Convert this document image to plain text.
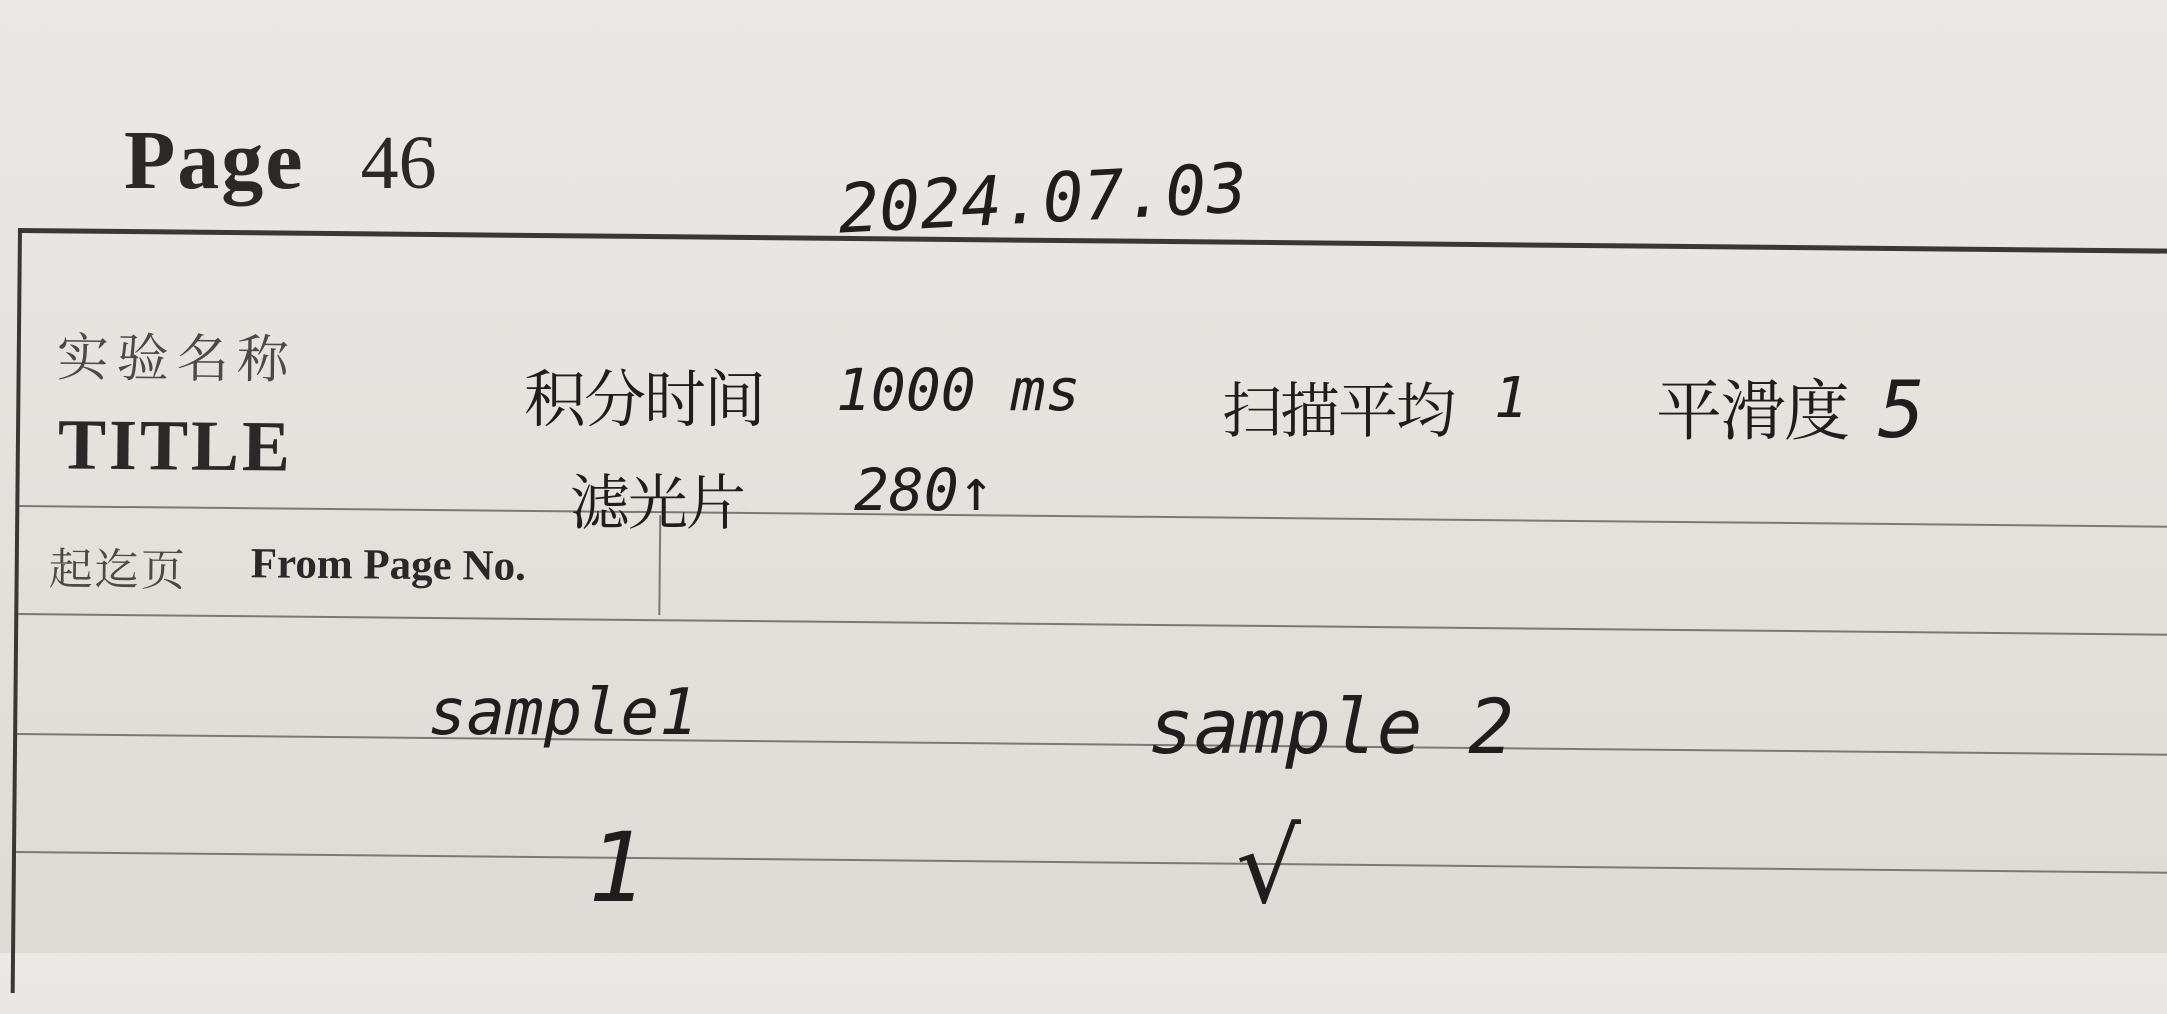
Page 46	2024.07.03
实验名称
TITLE
起迄页 From Page No.
积分时间 1000 ms 扫描平均 1 平滑度 5
滤光片 280↑
sample1	sample 2
1	√
